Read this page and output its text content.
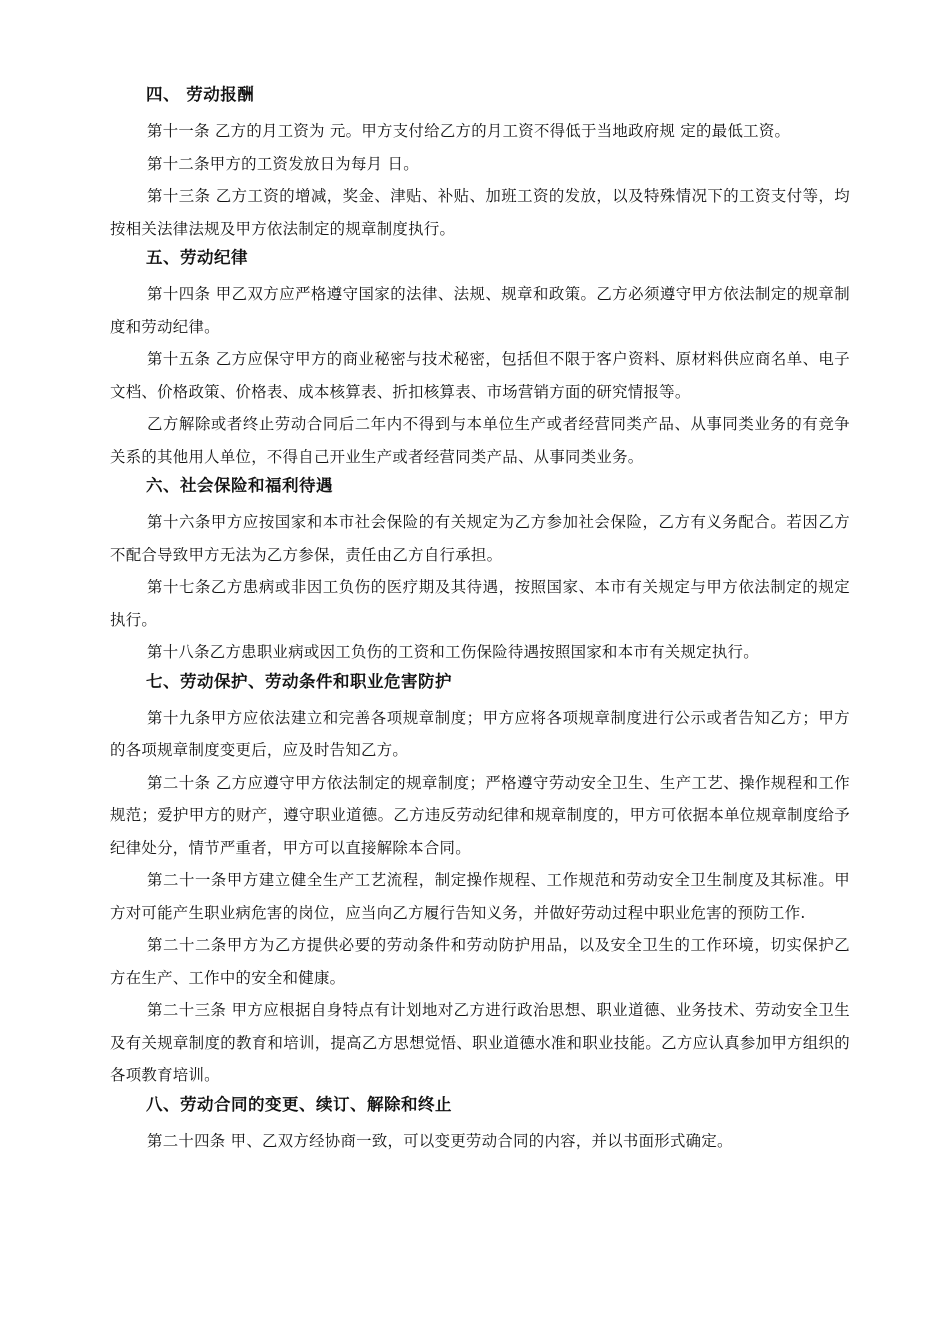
四、 劳动报酬

第十一条 乙方的月工资为 元。甲方支付给乙方的月工资不得低于当地政府规 定的最低工资。

第十二条甲方的工资发放日为每月 日。

第十三条 乙方工资的增减，奖金、津贴、补贴、加班工资的发放，以及特殊情况下的工资支付等，均按相关法律法规及甲方依法制定的规章制度执行。

五、劳动纪律

第十四条 甲乙双方应严格遵守国家的法律、法规、规章和政策。乙方必须遵守甲方依法制定的规章制度和劳动纪律。

第十五条 乙方应保守甲方的商业秘密与技术秘密，包括但不限于客户资料、原材料供应商名单、电子文档、价格政策、价格表、成本核算表、折扣核算表、市场营销方面的研究情报等。

乙方解除或者终止劳动合同后二年内不得到与本单位生产或者经营同类产品、从事同类业务的有竞争关系的其他用人单位，不得自己开业生产或者经营同类产品、从事同类业务。

六、社会保险和福利待遇

第十六条甲方应按国家和本市社会保险的有关规定为乙方参加社会保险，乙方有义务配合。若因乙方不配合导致甲方无法为乙方参保，责任由乙方自行承担。

第十七条乙方患病或非因工负伤的医疗期及其待遇，按照国家、本市有关规定与甲方依法制定的规定执行。

第十八条乙方患职业病或因工负伤的工资和工伤保险待遇按照国家和本市有关规定执行。

七、劳动保护、劳动条件和职业危害防护

第十九条甲方应依法建立和完善各项规章制度；甲方应将各项规章制度进行公示或者告知乙方；甲方的各项规章制度变更后，应及时告知乙方。

第二十条 乙方应遵守甲方依法制定的规章制度；严格遵守劳动安全卫生、生产工艺、操作规程和工作规范；爱护甲方的财产，遵守职业道德。乙方违反劳动纪律和规章制度的，甲方可依据本单位规章制度给予纪律处分，情节严重者，甲方可以直接解除本合同。

第二十一条甲方建立健全生产工艺流程，制定操作规程、工作规范和劳动安全卫生制度及其标准。甲方对可能产生职业病危害的岗位，应当向乙方履行告知义务，并做好劳动过程中职业危害的预防工作.

第二十二条甲方为乙方提供必要的劳动条件和劳动防护用品，以及安全卫生的工作环境，切实保护乙方在生产、工作中的安全和健康。

第二十三条 甲方应根据自身特点有计划地对乙方进行政治思想、职业道德、业务技术、劳动安全卫生及有关规章制度的教育和培训，提高乙方思想觉悟、职业道德水准和职业技能。乙方应认真参加甲方组织的各项教育培训。

八、劳动合同的变更、续订、解除和终止

第二十四条 甲、乙双方经协商一致，可以变更劳动合同的内容，并以书面形式确定。
